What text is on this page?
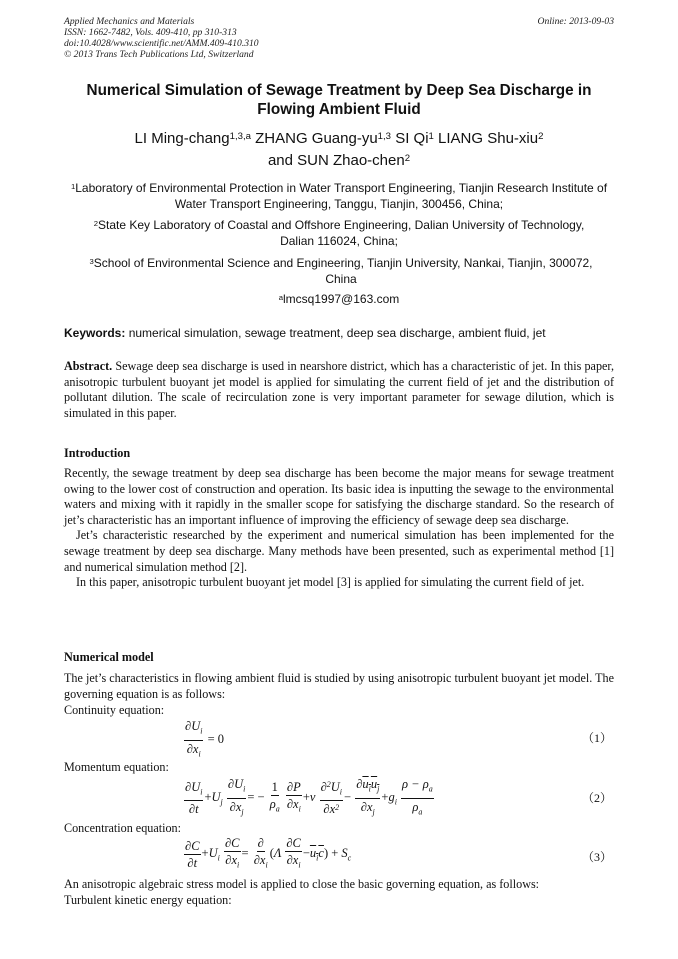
Applied Mechanics and Materials
ISSN: 1662-7482, Vols. 409-410, pp 310-313
doi:10.4028/www.scientific.net/AMM.409-410.310
© 2013 Trans Tech Publications Ltd, Switzerland
Online: 2013-09-03
Numerical Simulation of Sewage Treatment by Deep Sea Discharge in Flowing Ambient Fluid
LI Ming-chang$^{1,3,a}$ ZHANG Guang-yu$^{1,3}$ SI Qi$^1$ LIANG Shu-xiu$^2$
and SUN Zhao-chen$^2$
$^1$Laboratory of Environmental Protection in Water Transport Engineering, Tianjin Research Institute of Water Transport Engineering, Tanggu, Tianjin, 300456, China;
$^2$State Key Laboratory of Coastal and Offshore Engineering, Dalian University of Technology,
Dalian 116024, China;
$^3$School of Environmental Science and Engineering, Tianjin University, Nankai, Tianjin, 300072, China
$^a$lmcsq1997@163.com
Keywords: numerical simulation, sewage treatment, deep sea discharge, ambient fluid, jet
Abstract. Sewage deep sea discharge is used in nearshore district, which has a characteristic of jet. In this paper, anisotropic turbulent buoyant jet model is applied for simulating the current field of jet and the distribution of pollutant dilution. The scale of recirculation zone is very important parameter for sewage dilution, which is simulated in this paper.
Introduction

Recently, the sewage treatment by deep sea discharge has been become the major means for sewage treatment owing to the lower cost of construction and operation. Its basic idea is inputting the sewage to the environmental waters and mixing with it rapidly in the smaller scope for satisfying the discharge standard. So the research of jet’s characteristic has an important influence of improving the efficiency of sewage deep sea discharge.

Jet’s characteristic researched by the experiment and numerical simulation has been implemented for the sewage treatment by deep sea discharge. Many methods have been presented, such as experimental method [1] and numerical simulation method [2].

In this paper, anisotropic turbulent buoyant jet model [3] is applied for simulating the current field of jet.

Numerical model
The jet’s characteristics in flowing ambient fluid is studied by using anisotropic turbulent buoyant jet model. The governing equation is as follows:
Continuity equation:
$\frac{\partial U_i}{\partial x_i} = 0$	（1）
Momentum equation:
$\frac{\partial U_i}{\partial t} +U_j \frac{\partial U_i}{\partial x_j}$ = − $\frac{1}{\rho_a}$
$\frac{\partial P}{\partial x_i} +\nu \frac{\partial^2U_i}{\partial x^2} - \frac{\partial u_iu_j}{\partial x_j} +g_i \frac{\rho - \rho_a}{\rho_a}$	（2）
Concentration equation:
$\frac{\partial C}{\partial t} +U_i \frac{\partial C}{\partial x_i} = \frac{\partial}{\partial x_i} (\Lambda \frac{\partial C}{\partial x_i} -u_ic) + S_c$	（3）

An anisotropic algebraic stress model is applied to close the basic governing equation, as follows:

Turbulent kinetic energy equation:
